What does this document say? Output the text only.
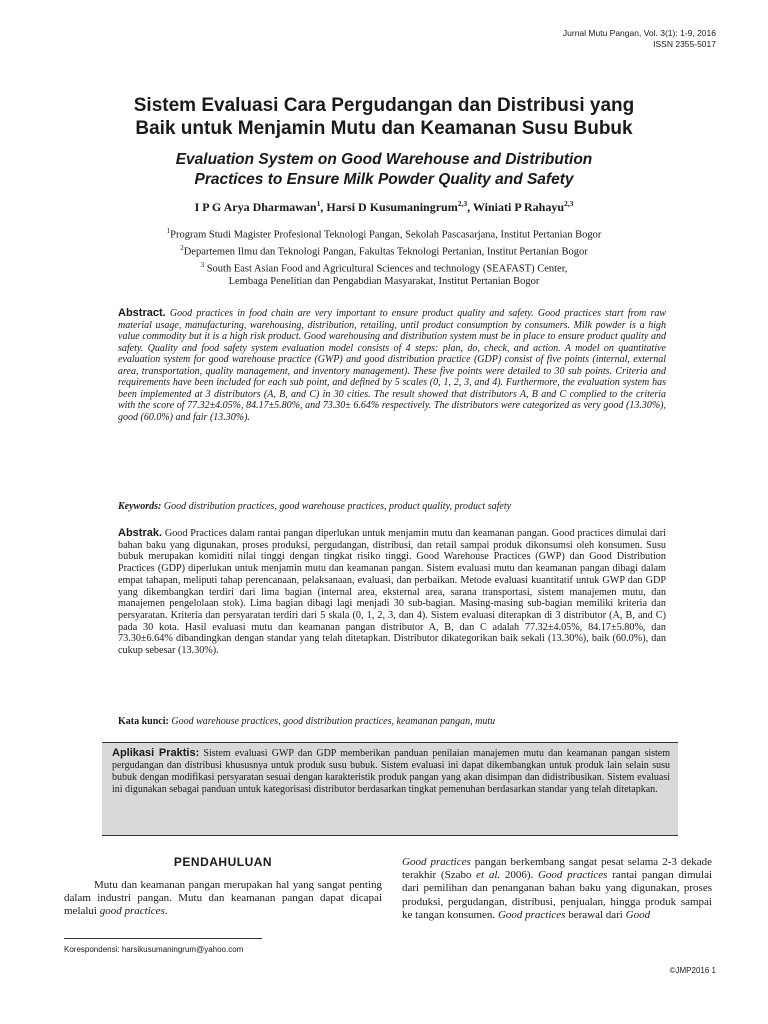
Jurnal Mutu Pangan, Vol. 3(1): 1-9, 2016
ISSN 2355-5017
Sistem Evaluasi Cara Pergudangan dan Distribusi yang
Baik untuk Menjamin Mutu dan Keamanan Susu Bubuk
Evaluation System on Good Warehouse and Distribution
Practices to Ensure Milk Powder Quality and Safety
I P G Arya Dharmawan$^1$, Harsi D Kusumaningrum$^{2,3}$, Winiati P Rahayu$^{2,3}$
$^1$Program Studi Magister Profesional Teknologi Pangan, Sekolah Pascasarjana, Institut Pertanian Bogor
$^2$Departemen Ilmu dan Teknologi Pangan, Fakultas Teknologi Pertanian, Institut Pertanian Bogor
$^3$ South East Asian Food and Agricultural Sciences and technology (SEAFAST) Center,
Lembaga Penelitian dan Pengabdian Masyarakat, Institut Pertanian Bogor
Abstract. Good practices in food chain are very important to ensure product quality and safety. Good practices start from raw material usage, manufacturing, warehousing, distribution, retailing, until product consumption by consumers. Milk powder is a high value commodity but it is a high risk product. Good warehousing and distribution system must be in place to ensure product quality and safety. Quality and food safety system evaluation model consists of 4 steps: plan, do, check, and action. A model on quantitative evaluation system for good warehouse practice (GWP) and good distribution practice (GDP) consist of five points (internal, external area, transportation, quality management, and inventory management). These five points were detailed to 30 sub points. Criteria and requirements have been included for each sub point, and defined by 5 scales (0, 1, 2, 3, and 4). Furthermore, the evaluation system has been implemented at 3 distributors (A, B, and C) in 30 cities. The result showed that distributors A, B and C complied to the criteria with the score of 77.32±4.05%, 84.17±5.80%, and 73.30± 6.64% respectively. The distributors were categorized as very good (13.30%), good (60.0%) and fair (13.30%).
Keywords: Good distribution practices, good warehouse practices, product quality, product safety
Abstrak. Good Practices dalam rantai pangan diperlukan untuk menjamin mutu dan keamanan pangan. Good practices dimulai dari bahan baku yang digunakan, proses produksi, pergudangan, distribusi, dan retail sampai produk dikonsumsi oleh konsumen. Susu bubuk merupakan komiditi nilai tinggi dengan tingkat risiko tinggi. Good Warehouse Practices (GWP) dan Good Distribution Practices (GDP) diperlukan untuk menjamin mutu dan keamanan pangan. Sistem evaluasi mutu dan keamanan pangan dibagi dalam empat tahapan, meliputi tahap perencanaan, pelaksanaan, evaluasi, dan perbaikan. Metode evaluasi kuantitatif untuk GWP dan GDP yang dikembangkan terdiri dari lima bagian (internal area, eksternal area, sarana transportasi, sistem manajemen mutu, dan manajemen pengelolaan stok). Lima bagian dibagi lagi menjadi 30 sub-bagian. Masing-masing sub-bagian memiliki kriteria dan persyaratan. Kriteria dan persyaratan terdiri dari 5 skala (0, 1, 2, 3, dan 4). Sistem evaluasi diterapkan di 3 distributor (A, B, and C) pada 30 kota. Hasil evaluasi mutu dan keamanan pangan distributor A, B, dan C adalah 77.32±4.05%, 84.17±5.80%, dan 73.30±6.64% dibandingkan dengan standar yang telah ditetapkan. Distributor dikategorikan baik sekali (13.30%), baik (60.0%), dan cukup sebesar (13.30%).
Kata kunci: Good warehouse practices, good distribution practices, keamanan pangan, mutu
Aplikasi Praktis: Sistem evaluasi GWP dan GDP memberikan panduan penilaian manajemen mutu dan keamanan pangan sistem pergudangan dan distribusi khususnya untuk produk susu bubuk. Sistem evaluasi ini dapat dikembangkan untuk produk lain selain susu bubuk dengan modifikasi persyaratan sesuai dengan karakteristik produk pangan yang akan disimpan dan didistribusikan. Sistem evaluasi ini digunakan sebagai panduan untuk kategorisasi distributor berdasarkan tingkat pemenuhan berdasarkan standar yang telah ditetapkan.
PENDAHULUAN
Mutu dan keamanan pangan merupakan hal yang sangat penting dalam industri pangan. Mutu dan keamanan pangan dapat dicapai melalui good practices.
Korespondensi: harsikusumaningrum@yahoo.com
Good practices pangan berkembang sangat pesat selama 2-3 dekade terakhir (Szabo et al. 2006). Good practices rantai pangan dimulai dari pemilihan dan penanganan bahan baku yang digunakan, proses produksi, pergudangan, distribusi, penjualan, hingga produk sampai ke tangan konsumen. Good practices berawal dari Good
©JMP2016 1
